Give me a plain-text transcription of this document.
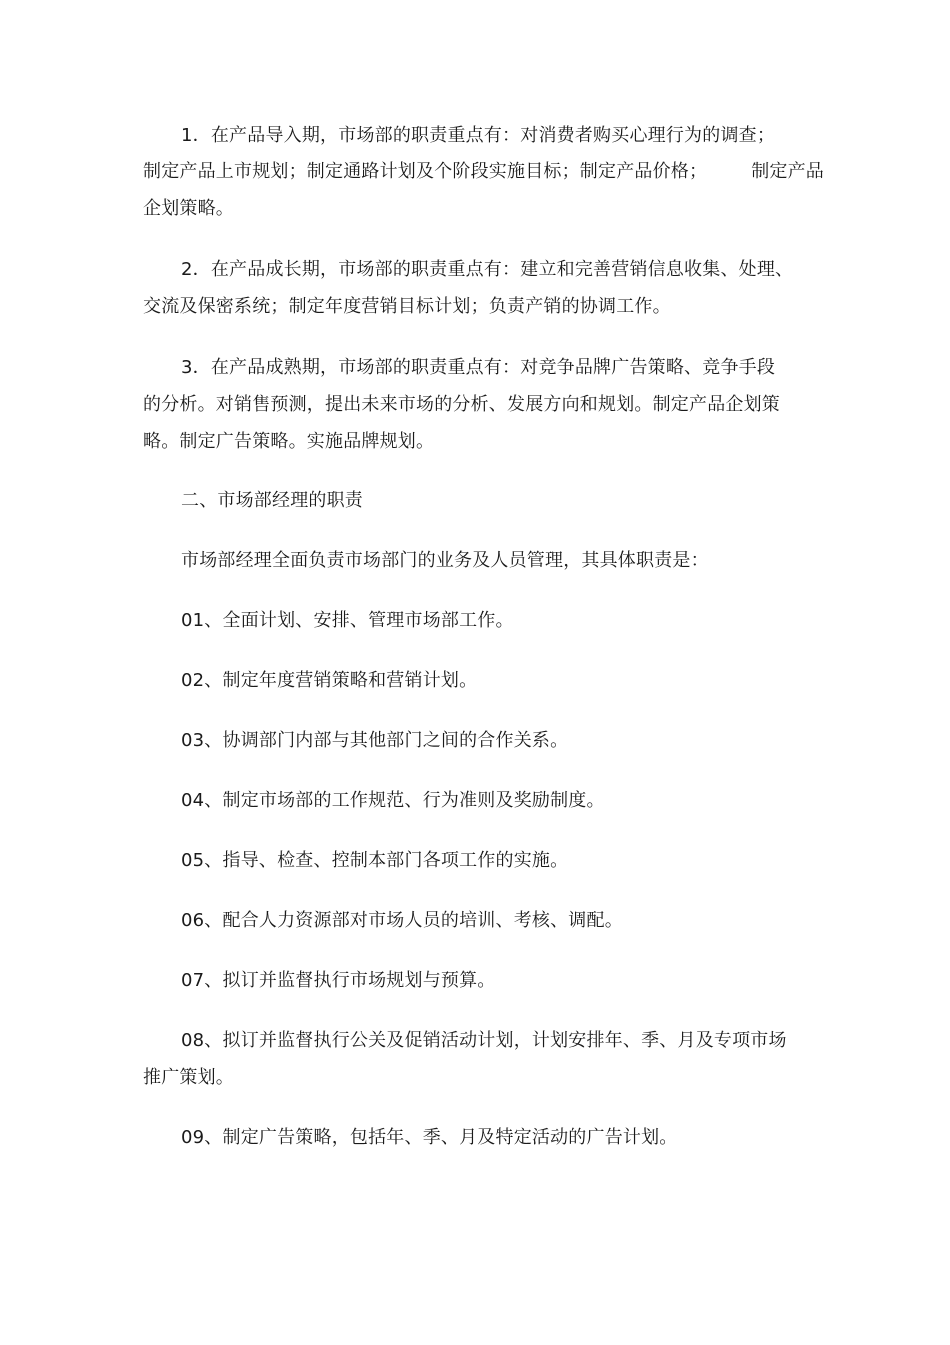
1．在产品导入期，市场部的职责重点有：对消费者购买心理行为的调查；
制定产品上市规划；制定通路计划及个阶段实施目标；制定产品价格； 制定产品
企划策略。
2．在产品成长期，市场部的职责重点有：建立和完善营销信息收集、处理、
交流及保密系统；制定年度营销目标计划；负责产销的协调工作。
3．在产品成熟期，市场部的职责重点有：对竞争品牌广告策略、竞争手段
的分析。对销售预测，提出未来市场的分析、发展方向和规划。制定产品企划策
略。制定广告策略。实施品牌规划。
二、市场部经理的职责
市场部经理全面负责市场部门的业务及人员管理，其具体职责是：
01、全面计划、安排、管理市场部工作。
02、制定年度营销策略和营销计划。
03、协调部门内部与其他部门之间的合作关系。
04、制定市场部的工作规范、行为准则及奖励制度。
05、指导、检查、控制本部门各项工作的实施。
06、配合人力资源部对市场人员的培训、考核、调配。
07、拟订并监督执行市场规划与预算。
08、拟订并监督执行公关及促销活动计划，计划安排年、季、月及专项市场
推广策划。
09、制定广告策略，包括年、季、月及特定活动的广告计划。
